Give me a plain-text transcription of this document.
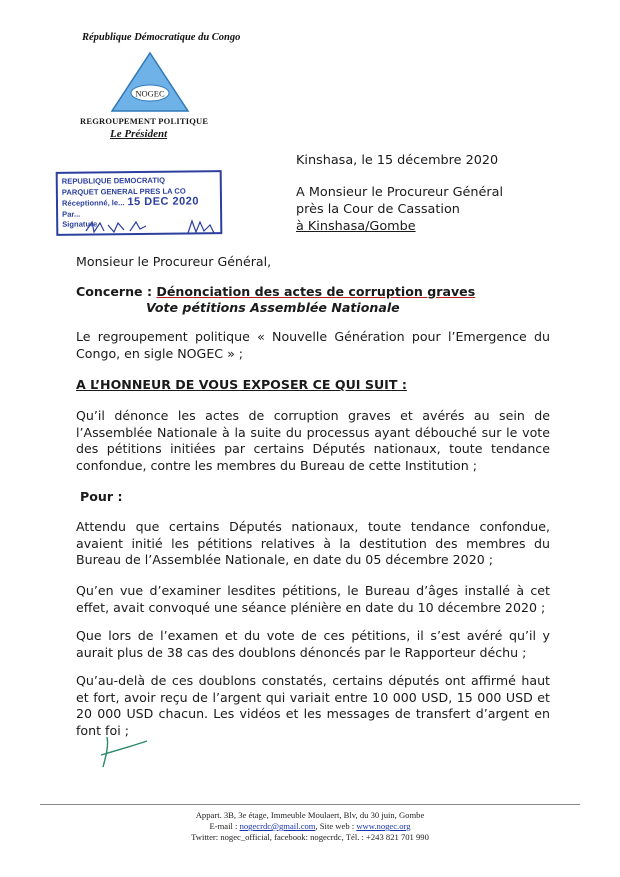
République Démocratique du Congo
NOGEC
REGROUPEMENT POLITIQUE
Le Président
Kinshasa, le 15 décembre 2020
A Monsieur le Procureur Général
près la Cour de Cassation
à Kinshasa/Gombe
REPUBLIQUE DEMOCRATIQ
PARQUET GENERAL PRES LA CO
Réceptionné, le... 15 DEC 2020
Par...
Signature
Monsieur le Procureur Général,
Concerne : Dénonciation des actes de corruption graves
Vote pétitions Assemblée Nationale
Le regroupement politique « Nouvelle Génération pour l’Emergence du Congo, en sigle NOGEC » ;
A L’HONNEUR DE VOUS EXPOSER CE QUI SUIT :
Qu’il dénonce les actes de corruption graves et avérés au sein de l’Assemblée Nationale à la suite du processus ayant débouché sur le vote des pétitions initiées par certains Députés nationaux, toute tendance confondue, contre les membres du Bureau de cette Institution ;
Pour :
Attendu que certains Députés nationaux, toute tendance confondue, avaient initié les pétitions relatives à la destitution des membres du Bureau de l’Assemblée Nationale, en date du 05 décembre 2020 ;
Qu’en vue d’examiner lesdites pétitions, le Bureau d’âges installé à cet effet, avait convoqué une séance plénière en date du 10 décembre 2020 ;
Que lors de l’examen et du vote de ces pétitions, il s’est avéré qu’il y aurait plus de 38 cas des doublons dénoncés par le Rapporteur déchu ;
Qu’au-delà de ces doublons constatés, certains députés ont affirmé haut et fort, avoir reçu de l’argent qui variait entre 10 000 USD, 15 000 USD et 20 000 USD chacun. Les vidéos et les messages de transfert d’argent en font foi ;
Appart. 3B, 3e étage, Immeuble Moulaert, Blv, du 30 juin, Gombe
E-mail : nogecrdc@gmail.com, Site web : www.nogec.org
Twitter: nogec_official, facebook: nogecrdc, Tél. : +243 821 701 990
